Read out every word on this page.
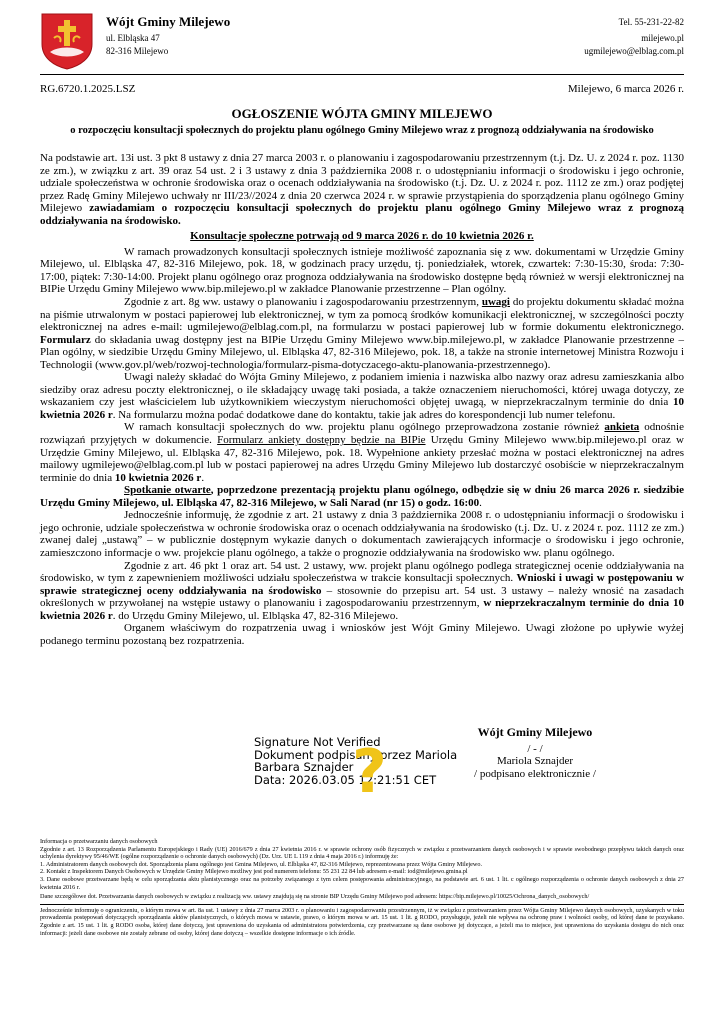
Wójt Gminy Milejewo
ul. Elbląska 47
82-316 Milejewo
Tel. 55-231-22-82
milejewo.pl
ugmilejewo@elblag.com.pl
RG.6720.1.2025.LSZ	Milejewo, 6 marca 2026 r.
OGŁOSZENIE WÓJTA GMINY MILEJEWO
o rozpoczęciu konsultacji społecznych do projektu planu ogólnego Gminy Milejewo wraz z prognozą oddziaływania na środowisko

Na podstawie art. 13i ust. 3 pkt 8 ustawy z dnia 27 marca 2003 r. o planowaniu i zagospodarowaniu przestrzennym (t.j. Dz. U. z 2024 r. poz. 1130 ze zm.), w związku z art. 39 oraz 54 ust. 2 i 3 ustawy z dnia 3 października 2008 r. o udostępnianiu informacji o środowisku i jego ochronie, udziale społeczeństwa w ochronie środowiska oraz o ocenach oddziaływania na środowisko (t.j. Dz. U. z 2024 r. poz. 1112 ze zm.) oraz podjętej przez Radę Gminy Milejewo uchwały nr III/23//2024 z dnia 20 czerwca 2024 r. w sprawie przystąpienia do sporządzenia planu ogólnego Gminy Milejewo zawiadamiam o rozpoczęciu konsultacji społecznych do projektu planu ogólnego Gminy Milejewo wraz z prognozą oddziaływania na środowisko.

Konsultacje społeczne potrwają od 9 marca 2026 r. do 10 kwietnia 2026 r.

W ramach prowadzonych konsultacji społecznych istnieje możliwość zapoznania się z ww. dokumentami w Urzędzie Gminy Milejewo, ul. Elbląska 47, 82-316 Milejewo, pok. 18, w godzinach pracy urzędu, tj. poniedziałek, wtorek, czwartek: 7:30-15:30, środa: 7:30-17:00, piątek: 7:30-14:00. Projekt planu ogólnego oraz prognoza oddziaływania na środowisko dostępne będą również w wersji elektronicznej na BIPie Urzędu Gminy Milejewo www.bip.milejewo.pl w zakładce Planowanie przestrzenne – Plan ogólny.

Zgodnie z art. 8g ww. ustawy o planowaniu i zagospodarowaniu przestrzennym, uwagi do projektu dokumentu składać można na piśmie utrwalonym w postaci papierowej lub elektronicznej, w tym za pomocą środków komunikacji elektronicznej, w szczególności poczty elektronicznej na adres e-mail: ugmilejewo@elblag.com.pl, na formularzu w postaci papierowej lub w formie dokumentu elektronicznego. Formularz do składania uwag dostępny jest na BIPie Urzędu Gminy Milejewo www.bip.milejewo.pl, w zakładce Planowanie przestrzenne – Plan ogólny, w siedzibie Urzędu Gminy Milejewo, ul. Elbląska 47, 82-316 Milejewo, pok. 18, a także na stronie internetowej Ministra Rozwoju i Technologii (www.gov.pl/web/rozwoj-technologia/formularz-pisma-dotyczacego-aktu-planowania-przestrzennego).

Uwagi należy składać do Wójta Gminy Milejewo, z podaniem imienia i nazwiska albo nazwy oraz adresu zamieszkania albo siedziby oraz adresu poczty elektronicznej, o ile składający uwagę taki posiada, a także oznaczeniem nieruchomości, której uwaga dotyczy, ze wskazaniem czy jest właścicielem lub użytkownikiem wieczystym nieruchomości objętej uwagą, w nieprzekraczalnym terminie do dnia 10 kwietnia 2026 r. Na formularzu można podać dodatkowe dane do kontaktu, takie jak adres do korespondencji lub numer telefonu.

W ramach konsultacji społecznych do ww. projektu planu ogólnego przeprowadzona zostanie również ankieta odnośnie rozwiązań przyjętych w dokumencie. Formularz ankiety dostępny będzie na BIPie Urzędu Gminy Milejewo www.bip.milejewo.pl oraz w Urzędzie Gminy Milejewo, ul. Elbląska 47, 82-316 Milejewo, pok. 18. Wypełnione ankiety przesłać można w postaci elektronicznej na adres mailowy ugmilejewo@elblag.com.pl lub w postaci papierowej na adres Urzędu Gminy Milejewo lub dostarczyć osobiście w nieprzekraczalnym terminie do dnia 10 kwietnia 2026 r.

Spotkanie otwarte, poprzedzone prezentacją projektu planu ogólnego, odbędzie się w dniu 26 marca 2026 r. siedzibie Urzędu Gminy Milejewo, ul. Elbląska 47, 82-316 Milejewo, w Sali Narad (nr 15) o godz. 16:00.

Jednocześnie informuję, że zgodnie z art. 21 ustawy z dnia 3 października 2008 r. o udostępnianiu informacji o środowisku i jego ochronie, udziale społeczeństwa w ochronie środowiska oraz o ocenach oddziaływania na środowisko (t.j. Dz. U. z 2024 r. poz. 1112 ze zm.) zwanej dalej „ustawą” – w publicznie dostępnym wykazie danych o dokumentach zawierających informacje o środowisku i jego ochronie, zamieszczono informacje o ww. projekcie planu ogólnego, a także o prognozie oddziaływania na środowisko ww. planu ogólnego.

Zgodnie z art. 46 pkt 1 oraz art. 54 ust. 2 ustawy, ww. projekt planu ogólnego podlega strategicznej ocenie oddziaływania na środowisko, w tym z zapewnieniem możliwości udziału społeczeństwa w trakcie konsultacji społecznych. Wnioski i uwagi w postępowaniu w sprawie strategicznej oceny oddziaływania na środowisko – stosownie do przepisu art. 54 ust. 3 ustawy – należy wnosić na zasadach określonych w przywołanej na wstępie ustawy o planowaniu i zagospodarowaniu przestrzennym, w nieprzekraczalnym terminie do dnia 10 kwietnia 2026 r. do Urzędu Gminy Milejewo, ul. Elbląska 47, 82-316 Milejewo.

Organem właściwym do rozpatrzenia uwag i wniosków jest Wójt Gminy Milejewo. Uwagi złożone po upływie wyżej podanego terminu pozostaną bez rozpatrzenia.

Signature Not Verified
Dokument podpisany przez Mariola
Barbara Sznajder
Data: 2026.03.05 12:21:51 CET
?
Wójt Gminy Milejewo
/ - /
Mariola Sznajder
/ podpisano elektronicznie /

Informacja o przetwarzaniu danych osobowych

Zgodnie z art. 13 Rozporządzenia Parlamentu Europejskiego i Rady (UE) 2016/679 z dnia 27 kwietnia 2016 r. w sprawie ochrony osób fizycznych w związku z przetwarzaniem danych osobowych i w sprawie swobodnego przepływu takich danych oraz uchylenia dyrektywy 95/46/WE (ogólne rozporządzenie o ochronie danych osobowych) (Dz. Urz. UE L 119 z dnia 4 maja 2016 r.) informuję że:

1. Administratorem danych osobowych dot. Sporządzenia planu ogólnego jest Gmina Milejewo, ul. Elbląska 47, 82-316 Milejewo, reprezentowana przez Wójta Gminy Milejewo.

2. Kontakt z Inspektorem Danych Osobowych w Urzędzie Gminy Milejewo możliwy jest pod numerem telefonu: 55 231 22 84 lub adresem e-mail: iod@milejewo.gmina.pl

3. Dane osobowe przetwarzane będą w celu sporządzania aktu planistycznego oraz na potrzeby związanego z tym celem postępowania administracyjnego, na podstawie art. 6 ust. 1 lit. c ogólnego rozporządzenia o ochronie danych osobowych z dnia 27 kwietnia 2016 r.

Dane szczegółowe dot. Przetwarzania danych osobowych w związku z realizacją ww. ustawy znajdują się na stronie BIP Urzędu Gminy Milejewo pod adresem: https://bip.milejewo.pl/10025/Ochrona_danych_osobowych/

Jednocześnie informuję o ograniczeniu, o którym mowa w art. 8a ust. 1 ustawy z dnia 27 marca 2003 r. o planowaniu i zagospodarowaniu przestrzennym, iż w związku z przetwarzaniem przez Wójta Gminy Milejewo danych osobowych, uzyskanych w toku prowadzenia postępowań dotyczących sporządzania aktów planistycznych, o których mowa w ustawie, prawo, o którym mowa w art. 15 ust. 1 lit. g RODO, przysługuje, jeżeli nie wpływa na ochronę praw i wolności osoby, od której dane te pozyskano. Zgodnie z art. 15 ust. 1 lit. g RODO osoba, której dane dotyczą, jest uprawniona do uzyskania od administratora potwierdzenia, czy przetwarzane są dane osobowe jej dotyczące, a jeżeli ma to miejsce, jest uprawniona do uzyskania dostępu do nich oraz informacji: jeżeli dane osobowe nie zostały zebrane od osoby, której dane dotyczą – wszelkie dostępne informacje o ich źródle.
